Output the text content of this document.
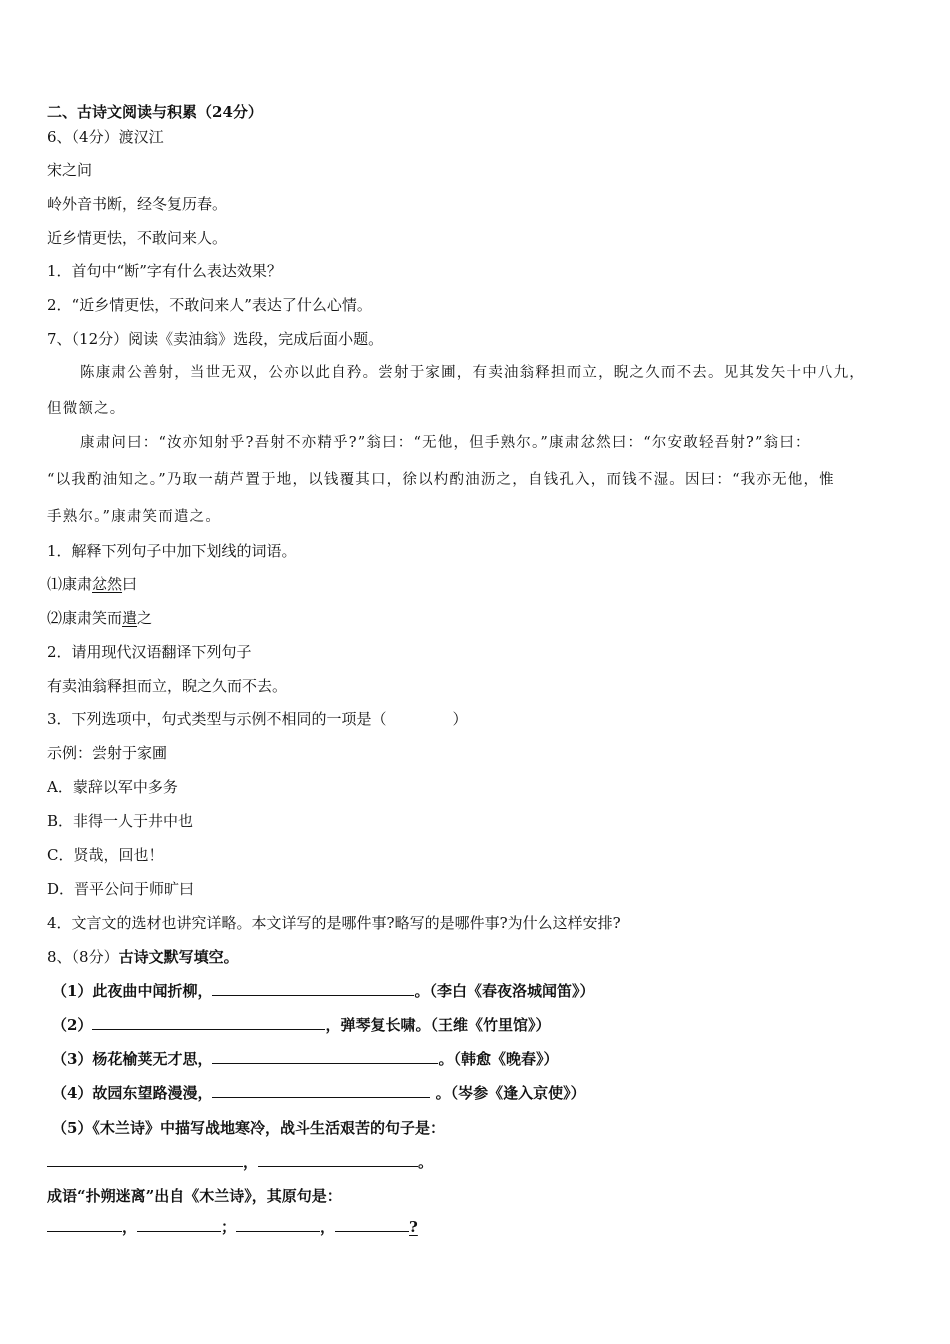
二、古诗文阅读与积累（24分）
6、（4分）渡汉江
宋之问
岭外音书断，经冬复历春。
近乡情更怯，不敢问来人。
1．首句中“断”字有什么表达效果？
2．“近乡情更怯，不敢问来人”表达了什么心情。
7、（12分）阅读《卖油翁》选段，完成后面小题。
陈康肃公善射，当世无双，公亦以此自矜。尝射于家圃，有卖油翁释担而立，睨之久而不去。见其发矢十中八九，
但微颔之。
康肃问曰：“汝亦知射乎?吾射不亦精乎?”翁曰：“无他，但手熟尔。”康肃忿然曰：“尔安敢轻吾射?”翁曰：
“以我酌油知之。”乃取一葫芦置于地，以钱覆其口，徐以杓酌油沥之，自钱孔入，而钱不湿。因曰：“我亦无他，惟
手熟尔。”康肃笑而遣之。
1．解释下列句子中加下划线的词语。
⑴康肃忿然曰
⑵康肃笑而遣之
2．请用现代汉语翻译下列句子
有卖油翁释担而立，睨之久而不去。
3．下列选项中，句式类型与示例不相同的一项是（	）
示例：尝射于家圃
A．蒙辞以军中多务
B．非得一人于井中也
C．贤哉，回也！
D．晋平公问于师旷曰
4．文言文的选材也讲究详略。本文详写的是哪件事?略写的是哪件事?为什么这样安排?
8、（8分）古诗文默写填空。
（1）此夜曲中闻折柳，	。（李白《春夜洛城闻笛》）
（2）	，弹琴复长啸。（王维《竹里馆》）
（3）杨花榆荚无才思，	。（韩愈《晚春》）
（4）故园东望路漫漫，	。（岑参《逢入京使》）
（5）《木兰诗》中描写战地寒冷，战斗生活艰苦的句子是：
，	。
成语“扑朔迷离”出自《木兰诗》，其原句是：
，	；	，	?
